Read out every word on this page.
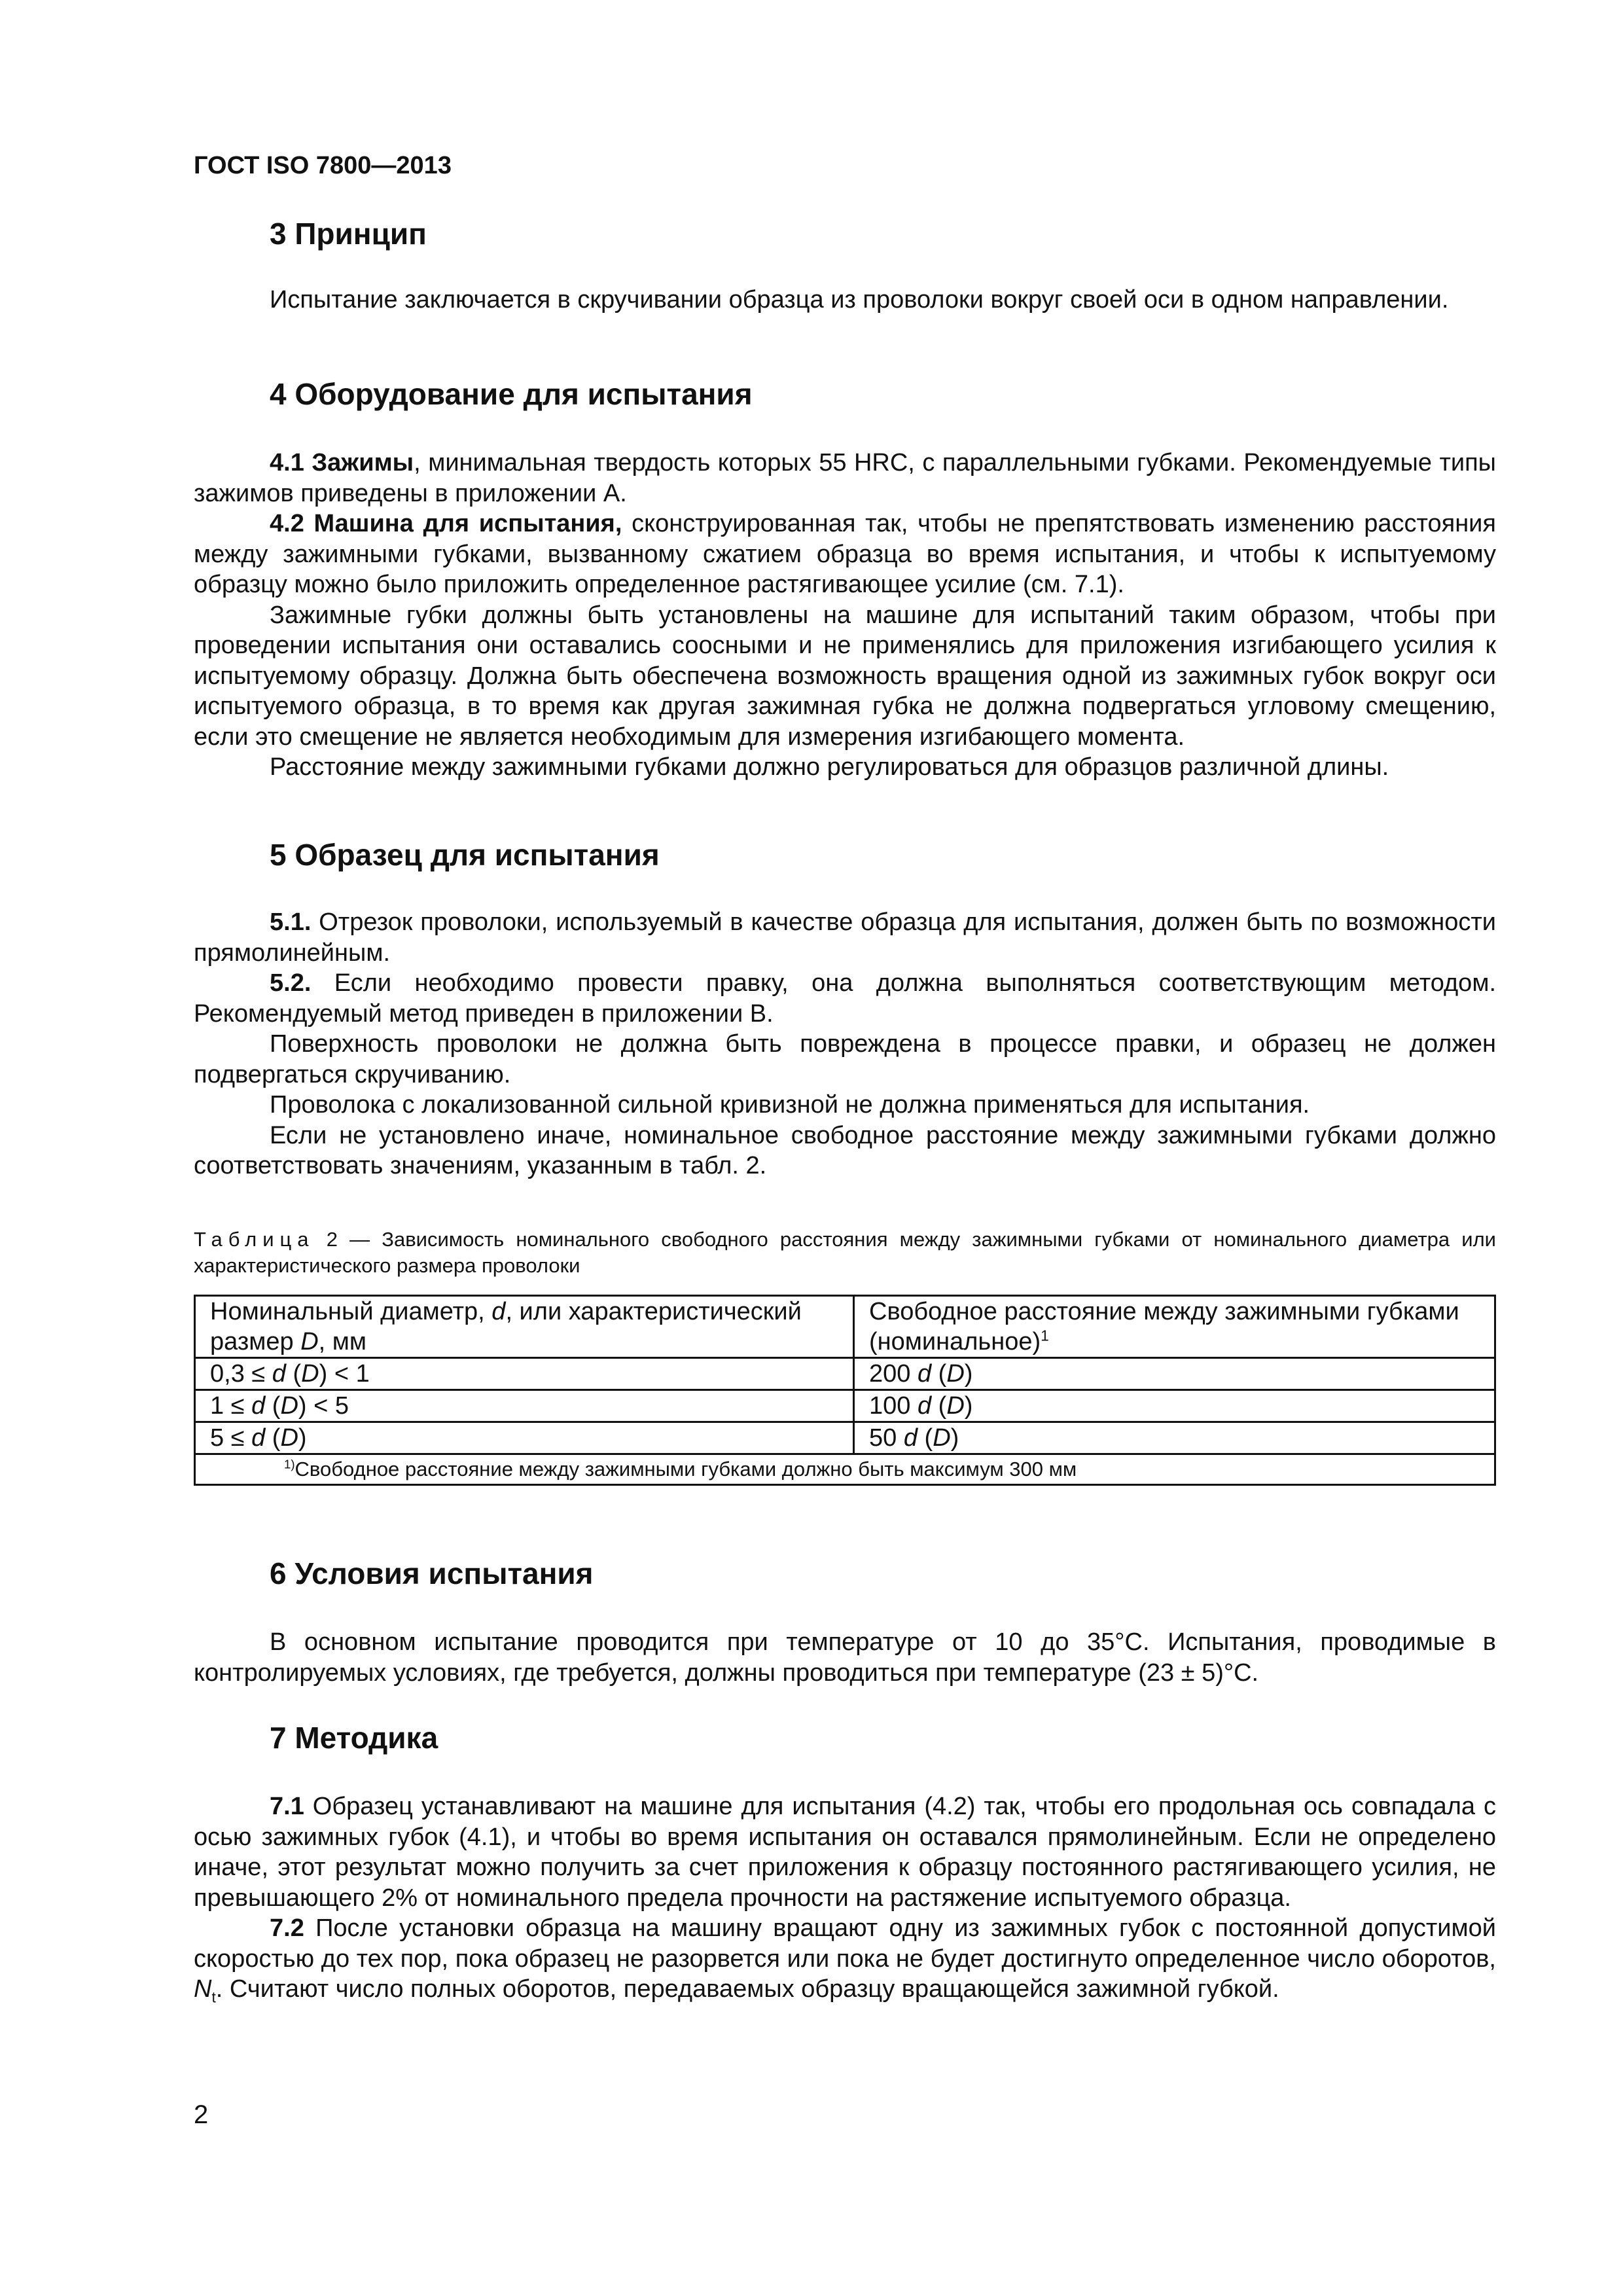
ГОСТ ISO 7800—2013
3 Принцип

Испытание заключается в скручивании образца из проволоки вокруг своей оси в одном направлении.

4 Оборудование для испытания

4.1 Зажимы, минимальная твердость которых 55 HRC, с параллельными губками. Рекомендуемые типы зажимов приведены в приложении А.

4.2 Машина для испытания, сконструированная так, чтобы не препятствовать изменению расстояния между зажимными губками, вызванному сжатием образца во время испытания, и чтобы к испытуемому образцу можно было приложить определенное растягивающее усилие (см. 7.1).

Зажимные губки должны быть установлены на машине для испытаний таким образом, чтобы при проведении испытания они оставались соосными и не применялись для приложения изгибающего усилия к испытуемому образцу. Должна быть обеспечена возможность вращения одной из зажимных губок вокруг оси испытуемого образца, в то время как другая зажимная губка не должна подвергаться угловому смещению, если это смещение не является необходимым для измерения изгибающего момента.

Расстояние между зажимными губками должно регулироваться для образцов различной длины.

5 Образец для испытания

5.1. Отрезок проволоки, используемый в качестве образца для испытания, должен быть по возможности прямолинейным.

5.2. Если необходимо провести правку, она должна выполняться соответствующим методом. Рекомендуемый метод приведен в приложении В.

Поверхность проволоки не должна быть повреждена в процессе правки, и образец не должен подвергаться скручиванию.

Проволока с локализованной сильной кривизной не должна применяться для испытания.

Если не установлено иначе, номинальное свободное расстояние между зажимными губками должно соответствовать значениям, указанным в табл. 2.

Таблица 2 — Зависимость номинального свободного расстояния между зажимными губками от номинального диаметра или характеристического размера проволоки
Номинальный диаметр, d, или характеристический размер D, мм	Свободное расстояние между зажимными губками (номинальное)$^1$
0,3 ≤ d (D) < 1	200 d (D)
1 ≤ d (D) < 5	100 d (D)
5 ≤ d (D)	50 d (D)
$^{1)}$Свободное расстояние между зажимными губками должно быть максимум 300 мм	
6 Условия испытания

В основном испытание проводится при температуре от 10 до 35°С. Испытания, проводимые в контролируемых условиях, где требуется, должны проводиться при температуре (23 ± 5)°С.

7 Методика

7.1 Образец устанавливают на машине для испытания (4.2) так, чтобы его продольная ось совпадала с осью зажимных губок (4.1), и чтобы во время испытания он оставался прямолинейным. Если не определено иначе, этот результат можно получить за счет приложения к образцу постоянного растягивающего усилия, не превышающего 2% от номинального предела прочности на растяжение испытуемого образца.

7.2 После установки образца на машину вращают одну из зажимных губок с постоянной допустимой скоростью до тех пор, пока образец не разорвется или пока не будет достигнуто определенное число оборотов, $N_t$. Считают число полных оборотов, передаваемых образцу вращающейся зажимной губкой.

2
